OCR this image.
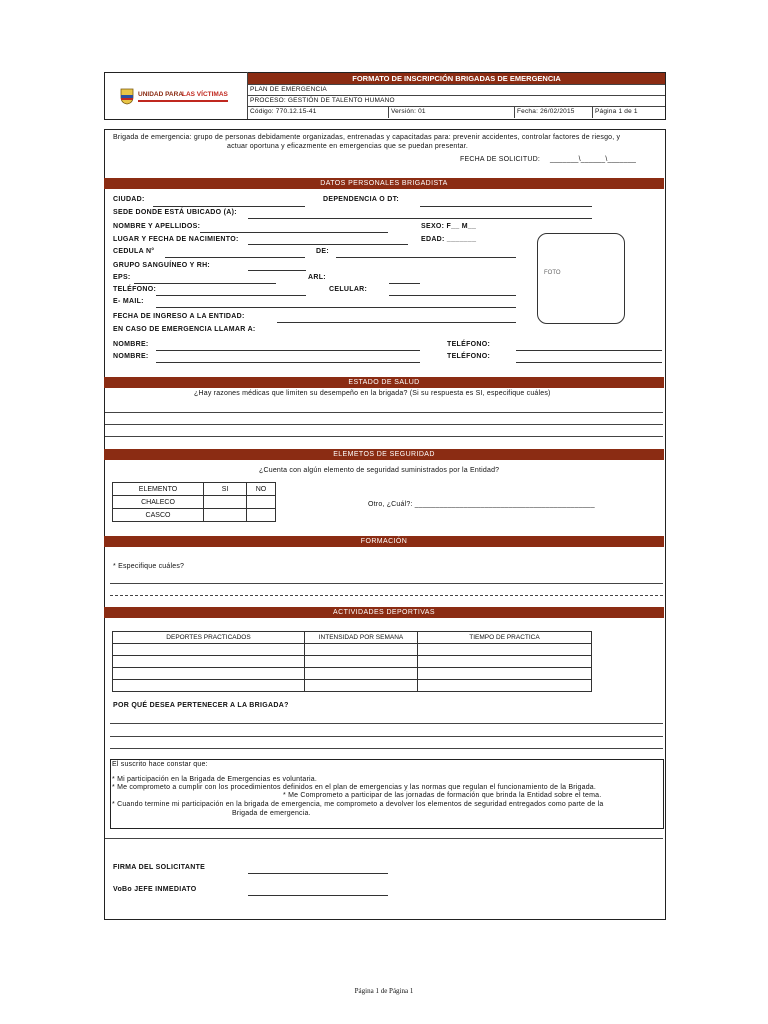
FORMATO DE INSCRIPCIÓN BRIGADAS DE EMERGENCIA
PLAN DE EMERGENCIA
PROCESO: GESTIÓN DE TALENTO HUMANO
Código: 770.12.15-41	Versión: 01	Fecha: 26/02/2015	Página 1 de 1
UNIDAD PARA
LAS VÍCTIMAS
Brigada de emergencia: grupo de personas debidamente organizadas, entrenadas y capacitadas para: prevenir accidentes, controlar factores de riesgo, y
actuar oportuna y eficazmente en emergencias que se puedan presentar.
FECHA DE SOLICITUD: _______\______\_______
DATOS PERSONALES BRIGADISTA
CIUDAD:	DEPENDENCIA O DT:
SEDE DONDE ESTÁ UBICADO (A):
NOMBRE Y APELLIDOS:	SEXO: F__ M__
LUGAR Y FECHA DE NACIMIENTO:	EDAD: _______
CEDULA N°	DE:
GRUPO SANGUÍNEO Y RH:
EPS:	ARL:
TELÉFONO:	CELULAR:
E- MAIL:
FECHA DE INGRESO A LA ENTIDAD:
EN CASO DE EMERGENCIA LLAMAR A:
NOMBRE:	TELÉFONO:
NOMBRE:	TELÉFONO:
FOTO
ESTADO DE SALUD
¿Hay razones médicas que limiten su desempeño en la brigada? (Si su respuesta es SI, especifique cuáles)
ELEMETOS DE SEGURIDAD
¿Cuenta con algún elemento de seguridad suministrados por la Entidad?
ELEMENTO	SI	NO
CHALECO		
CASCO		
Otro, ¿Cuál?: ____________________________________________
FORMACIÓN
* Especifique cuáles?
ACTIVIDADES DEPORTIVAS
DEPORTES PRACTICADOS	INTENSIDAD POR SEMANA	TIEMPO DE PRACTICA

POR QUÉ DESEA PERTENECER A LA BRIGADA?
El suscrito hace constar que:
* Mi participación en la Brigada de Emergencias es voluntaria.
* Me comprometo a cumplir con los procedimientos definidos en el plan de emergencias y las normas que regulan el funcionamiento de la Brigada.
* Me Comprometo a participar de las jornadas de formación que brinda la Entidad sobre el tema.
* Cuando termine mi participación en la brigada de emergencia, me comprometo a devolver los elementos de seguridad entregados como parte de la
Brigada de emergencia.
FIRMA DEL SOLICITANTE
VoBo JEFE INMEDIATO
Página 1 de Página 1
